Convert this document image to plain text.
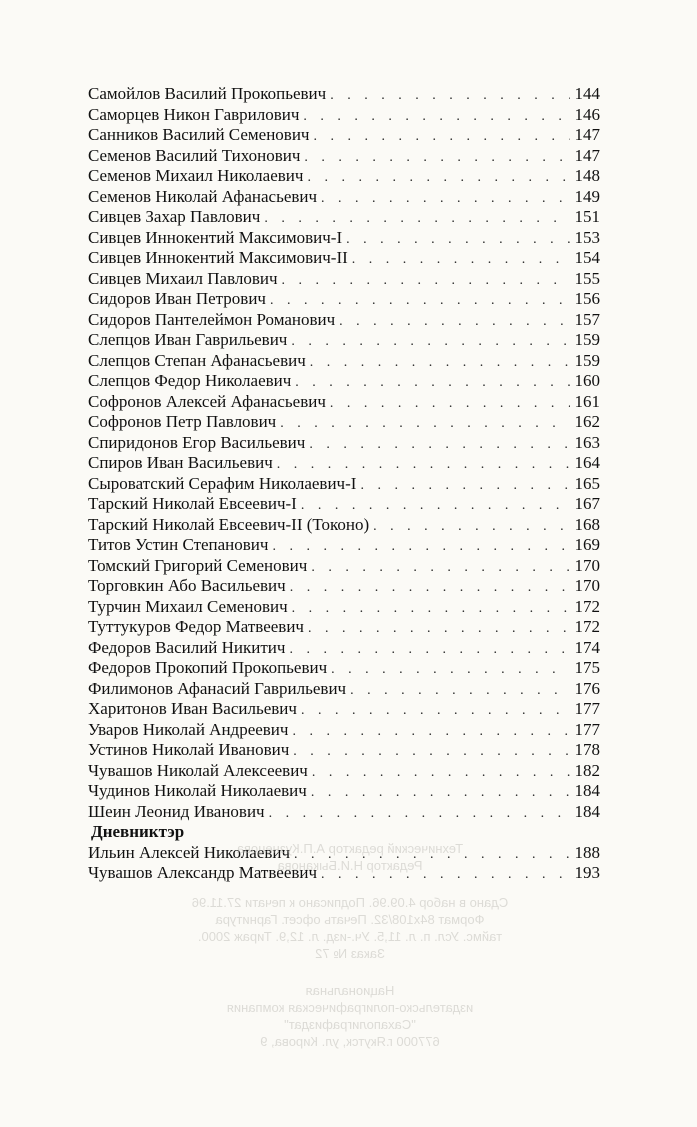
Самойлов Василий Прокопьевич . . .	144
Саморцев Никон Гаврилович . . .	146
Санников Василий Семенович . . .	147
Семенов Василий Тихонович . . .	147
Семенов Михаил Николаевич . . .	148
Семенов Николай Афанасьевич . . .	149
Сивцев Захар Павлович . . .	151
Сивцев Иннокентий Максимович-I . . .	153
Сивцев Иннокентий Максимович-II . . .	154
Сивцев Михаил Павлович . . .	155
Сидоров Иван Петрович . . .	156
Сидоров Пантелеймон Романович . . .	157
Слепцов Иван Гаврильевич . . .	159
Слепцов Степан Афанасьевич . . .	159
Слепцов Федор Николаевич . . .	160
Софронов Алексей Афанасьевич . . .	161
Софронов Петр Павлович . . .	162
Спиридонов Егор Васильевич . . .	163
Спиров Иван Васильевич . . .	164
Сыроватский Серафим Николаевич-I . . .	165
Тарский Николай Евсеевич-I . . .	167
Тарский Николай Евсеевич-II (Токоно) . . .	168
Титов Устин Степанович . . .	169
Томский Григорий Семенович . . .	170
Торговкин Або Васильевич . . .	170
Турчин Михаил Семенович . . .	172
Туттукуров Федор Матвеевич . . .	172
Федоров Василий Никитич . . .	174
Федоров Прокопий Прокопьевич . . .	175
Филимонов Афанасий Гаврильевич . . .	176
Харитонов Иван Васильевич . . .	177
Уваров Николай Андреевич . . .	177
Устинов Николай Иванович . . .	178
Чувашов Николай Алексеевич . . .	182
Чудинов Николай Николаевич . . .	184
Шеин Леонид Иванович . . .	184
Дневниктэр
Ильин Алексей Николаевич . . .	188
Чувашов Александр Матвеевич . . .	193

Технический редактор А.П.Кузнецова

Редактор Н.И.Быканова

Сдано в набор 4.09.96. Подписано к печати 27.11.96

Формат 84х108/32. Печать офсет. Гарнитура

таймс. Усл. п. л. 11,5. Уч.-изд. л. 12,9. Тираж 2000.

Заказ № 72

Национальная

издательско-полиграфическая компания

"Сахаполиграфиздат"

677000 г.Якутск, ул. Кирова, 9
